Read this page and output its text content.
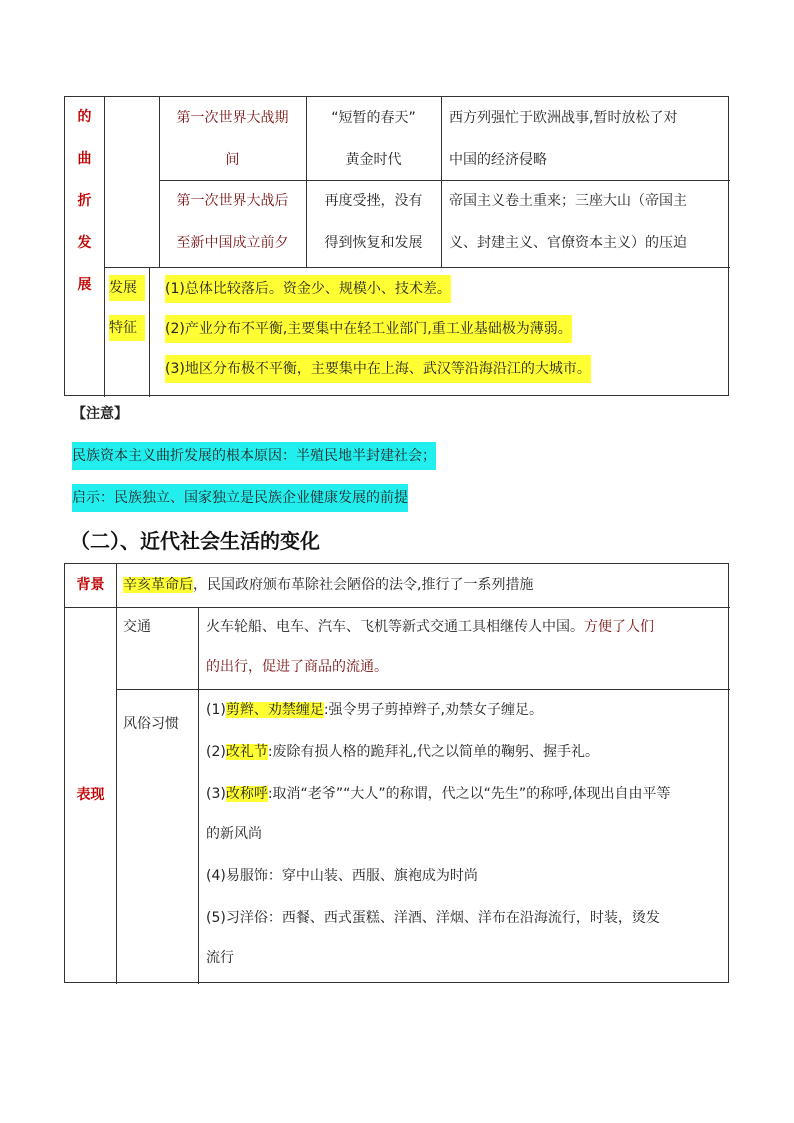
的
曲
折
发
展
第一次世界大战期
间
“短暂的春天”
黄金时代
西方列强忙于欧洲战事,暂时放松了对
中国的经济侵略
第一次世界大战后
至新中国成立前夕
再度受挫，没有
得到恢复和发展
帝国主义卷土重来；三座大山（帝国主
义、封建主义、官僚资本主义）的压迫
发展
特征
(1)总体比较落后。资金少、规模小、技术差。
(2)产业分布不平衡,主要集中在轻工业部门,重工业基础极为薄弱。
(3)地区分布极不平衡，主要集中在上海、武汉等沿海沿江的大城市。
【注意】
民族资本主义曲折发展的根本原因：半殖民地半封建社会；
启示：民族独立、国家独立是民族企业健康发展的前提
（二）、近代社会生活的变化
背景	辛亥革命后，民国政府颁布革除社会陋俗的法令,推行了一系列措施
表现
交通	火车轮船、电车、汽车、飞机等新式交通工具相继传人中国。方便了人们
的出行，促进了商品的流通。
风俗习惯
(1)剪辫、劝禁缠足:强令男子剪掉辫子,劝禁女子缠足。
(2)改礼节:废除有损人格的跪拜礼,代之以简单的鞠躬、握手礼。
(3)改称呼:取消“老爷”“大人”的称谓，代之以“先生”的称呼,体现出自由平等
的新风尚
(4)易服饰：穿中山装、西服、旗袍成为时尚
(5)习洋俗：西餐、西式蛋糕、洋酒、洋烟、洋布在沿海流行，时装，烫发
流行
